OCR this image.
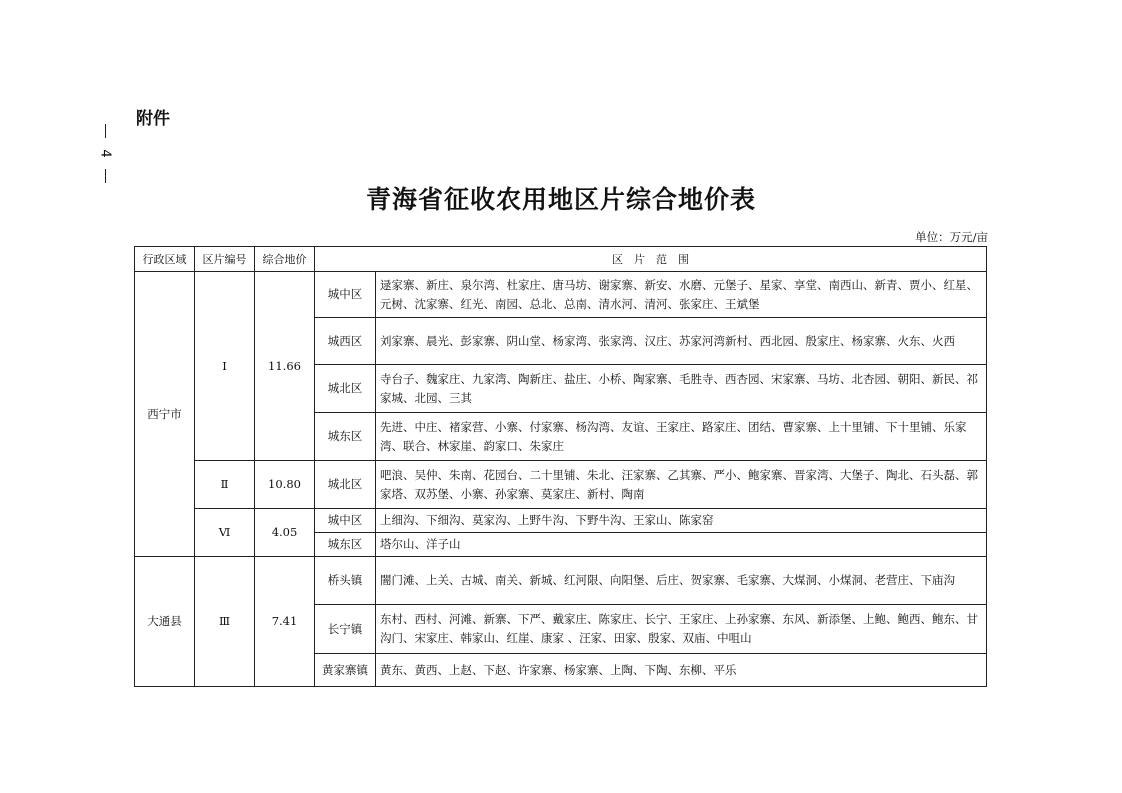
附件
4
青海省征收农用地区片综合地价表
单位：万元/亩
行政区域	区片编号	综合地价	区　片　范　围	
西宁市	Ⅰ	11.66	城中区	逯家寨、新庄、泉尔湾、杜家庄、唐马坊、谢家寨、新安、水磨、元堡子、星家、享堂、南西山、新青、贾小、红星、元树、沈家寨、红光、南园、总北、总南、清水河、清河、张家庄、王斌堡
			城西区	刘家寨、晨光、彭家寨、阴山堂、杨家湾、张家湾、汉庄、苏家河湾新村、西北园、殷家庄、杨家寨、火东、火西
			城北区	寺台子、魏家庄、九家湾、陶新庄、盐庄、小桥、陶家寨、毛胜寺、西杏园、宋家寨、马坊、北杏园、朝阳、新民、祁家城、北园、三其
			城东区	先进、中庄、褚家营、小寨、付家寨、杨沟湾、友谊、王家庄、路家庄、团结、曹家寨、上十里铺、下十里铺、乐家湾、联合、林家崖、韵家口、朱家庄
	Ⅱ	10.80	城北区	吧浪、吴仲、朱南、花园台、二十里铺、朱北、汪家寨、乙其寨、严小、鲍家寨、晋家湾、大堡子、陶北、石头磊、郭家塔、双苏堡、小寨、孙家寨、莫家庄、新村、陶南
	Ⅵ	4.05	城中区	上细沟、下细沟、莫家沟、上野牛沟、下野牛沟、王家山、陈家窑
			城东区	塔尔山、洋子山
大通县	Ⅲ	7.41	桥头镇	闇门滩、上关、古城、南关、新城、红河限、向阳堡、后庄、贺家寨、毛家寨、大煤洞、小煤洞、老营庄、下庙沟
			长宁镇	东村、西村、河滩、新寨、下严、戴家庄、陈家庄、长宁、王家庄、上孙家寨、东风、新添堡、上鲍、鲍西、鲍东、甘沟门、宋家庄、韩家山、红崖、康家 、汪家、田家、殷家、双庙、中咀山
			黄家寨镇	黄东、黄西、上赵、下赵、许家寨、杨家寨、上陶、下陶、东柳、平乐
